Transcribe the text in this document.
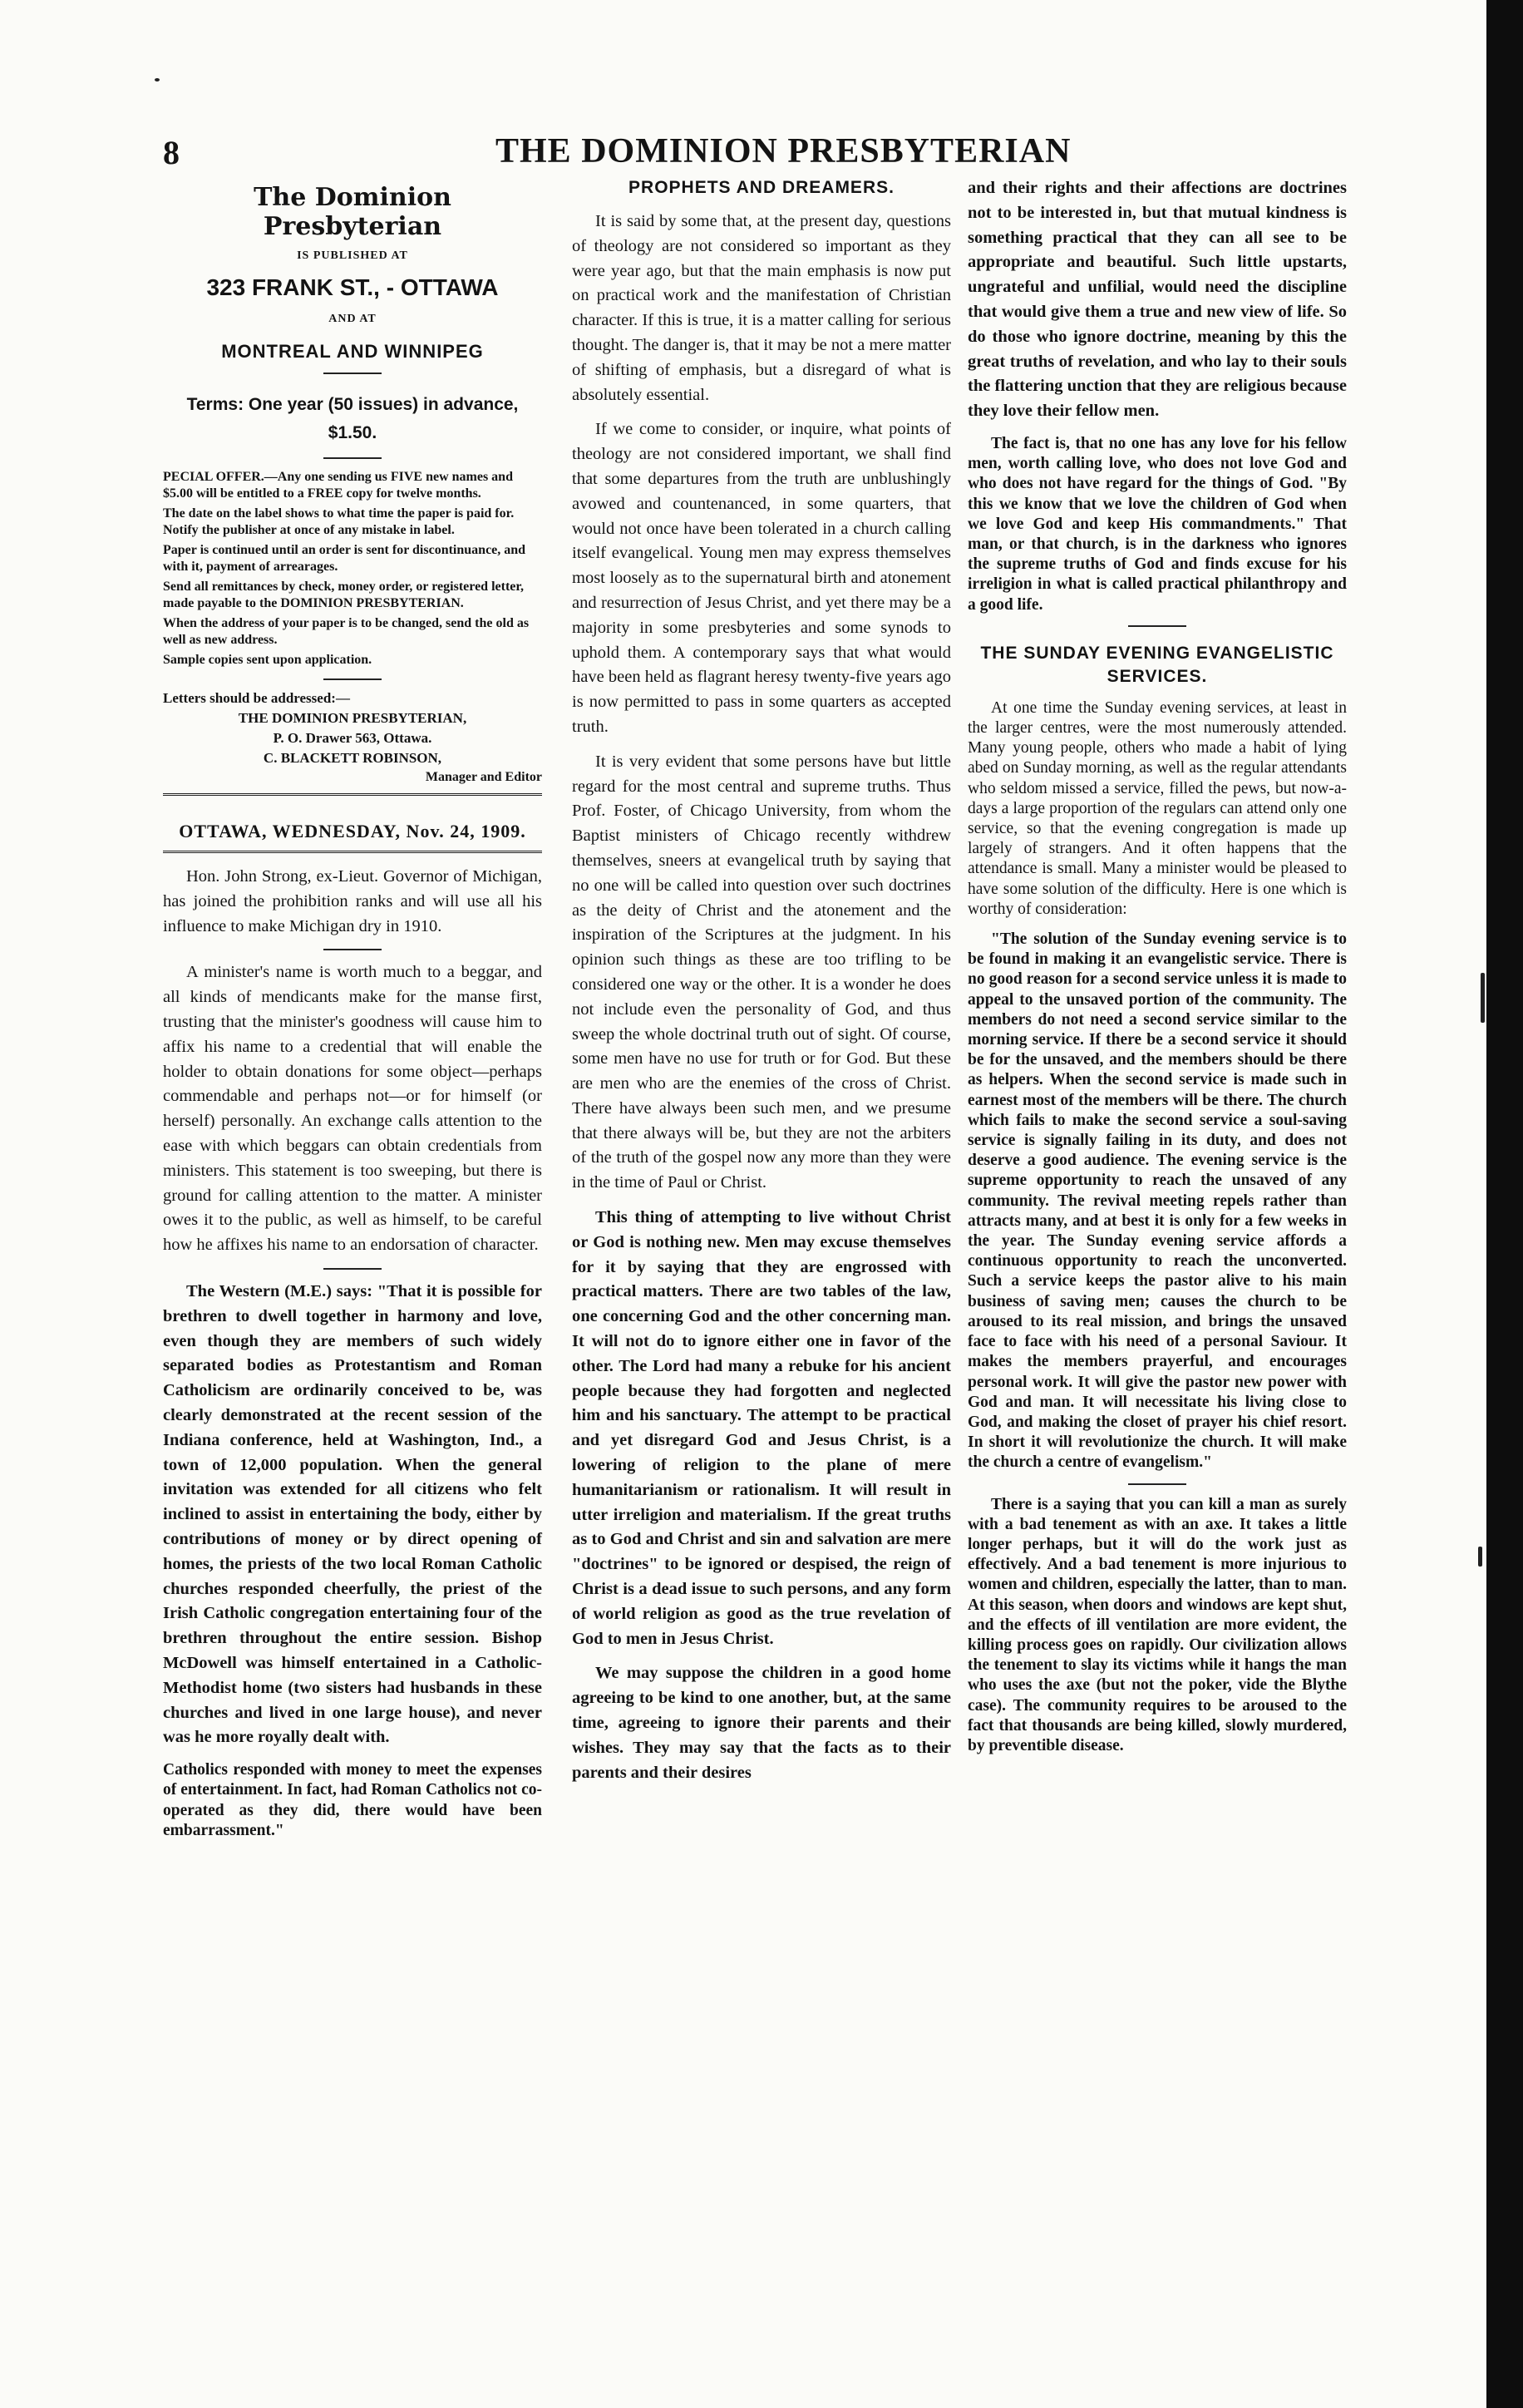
8	THE DOMINION PRESBYTERIAN
The Dominion Presbyterian
IS PUBLISHED AT
323 FRANK ST., - OTTAWA
AND AT
MONTREAL AND WINNIPEG
Terms: One year (50 issues) in advance, $1.50.

PECIAL OFFER.—Any one sending us FIVE new names and $5.00 will be entitled to a FREE copy for twelve months.

The date on the label shows to what time the paper is paid for. Notify the publisher at once of any mistake in label.

Paper is continued until an order is sent for discontinuance, and with it, payment of arrearages.

Send all remittances by check, money order, or registered letter, made payable to the DOMINION PRESBYTERIAN.

When the address of your paper is to be changed, send the old as well as new address.

Sample copies sent upon application.

Letters should be addressed:—
THE DOMINION PRESBYTERIAN,
P. O. Drawer 563, Ottawa.
C. BLACKETT ROBINSON,
Manager and Editor
OTTAWA, WEDNESDAY, Nov. 24, 1909.

Hon. John Strong, ex-Lieut. Governor of Michigan, has joined the prohibition ranks and will use all his influence to make Michigan dry in 1910.

A minister's name is worth much to a beggar, and all kinds of mendicants make for the manse first, trusting that the minister's goodness will cause him to affix his name to a credential that will enable the holder to obtain donations for some object—perhaps commendable and perhaps not—or for himself (or herself) personally. An exchange calls attention to the ease with which beggars can obtain credentials from ministers. This statement is too sweeping, but there is ground for calling attention to the matter. A minister owes it to the public, as well as himself, to be careful how he affixes his name to an endorsation of character.

The Western (M.E.) says: "That it is possible for brethren to dwell together in harmony and love, even though they are members of such widely separated bodies as Protestantism and Roman Catholicism are ordinarily conceived to be, was clearly demonstrated at the recent session of the Indiana conference, held at Washington, Ind., a town of 12,000 population. When the general invitation was extended for all citizens who felt inclined to assist in entertaining the body, either by contributions of money or by direct opening of homes, the priests of the two local Roman Catholic churches responded cheerfully, the priest of the Irish Catholic congregation entertaining four of the brethren throughout the entire session. Bishop McDowell was himself entertained in a Catholic-Methodist home (two sisters had husbands in these churches and lived in one large house), and never was he more royally dealt with.

Catholics responded with money to meet the expenses of entertainment. In fact, had Roman Catholics not co-operated as they did, there would have been embarrassment."

PROPHETS AND DREAMERS.

It is said by some that, at the present day, questions of theology are not considered so important as they were year ago, but that the main emphasis is now put on practical work and the manifestation of Christian character. If this is true, it is a matter calling for serious thought. The danger is, that it may be not a mere matter of shifting of emphasis, but a disregard of what is absolutely essential.

If we come to consider, or inquire, what points of theology are not considered important, we shall find that some departures from the truth are unblushingly avowed and countenanced, in some quarters, that would not once have been tolerated in a church calling itself evangelical. Young men may express themselves most loosely as to the supernatural birth and atonement and resurrection of Jesus Christ, and yet there may be a majority in some presbyteries and some synods to uphold them. A contemporary says that what would have been held as flagrant heresy twenty-five years ago is now permitted to pass in some quarters as accepted truth.

It is very evident that some persons have but little regard for the most central and supreme truths. Thus Prof. Foster, of Chicago University, from whom the Baptist ministers of Chicago recently withdrew themselves, sneers at evangelical truth by saying that no one will be called into question over such doctrines as the deity of Christ and the atonement and the inspiration of the Scriptures at the judgment. In his opinion such things as these are too trifling to be considered one way or the other. It is a wonder he does not include even the personality of God, and thus sweep the whole doctrinal truth out of sight. Of course, some men have no use for truth or for God. But these are men who are the enemies of the cross of Christ. There have always been such men, and we presume that there always will be, but they are not the arbiters of the truth of the gospel now any more than they were in the time of Paul or Christ.

This thing of attempting to live without Christ or God is nothing new. Men may excuse themselves for it by saying that they are engrossed with practical matters. There are two tables of the law, one concerning God and the other concerning man. It will not do to ignore either one in favor of the other. The Lord had many a rebuke for his ancient people because they had forgotten and neglected him and his sanctuary. The attempt to be practical and yet disregard God and Jesus Christ, is a lowering of religion to the plane of mere humanitarianism or rationalism. It will result in utter irreligion and materialism. If the great truths as to God and Christ and sin and salvation are mere "doctrines" to be ignored or despised, the reign of Christ is a dead issue to such persons, and any form of world religion as good as the true revelation of God to men in Jesus Christ.

We may suppose the children in a good home agreeing to be kind to one another, but, at the same time, agreeing to ignore their parents and their wishes. They may say that the facts as to their parents and their desires

and their rights and their affections are doctrines not to be interested in, but that mutual kindness is something practical that they can all see to be appropriate and beautiful. Such little upstarts, ungrateful and unfilial, would need the discipline that would give them a true and new view of life. So do those who ignore doctrine, meaning by this the great truths of revelation, and who lay to their souls the flattering unction that they are religious because they love their fellow men.

The fact is, that no one has any love for his fellow men, worth calling love, who does not love God and who does not have regard for the things of God. "By this we know that we love the children of God when we love God and keep His commandments." That man, or that church, is in the darkness who ignores the supreme truths of God and finds excuse for his irreligion in what is called practical philanthropy and a good life.

THE SUNDAY EVENING EVANGELISTIC SERVICES.

At one time the Sunday evening services, at least in the larger centres, were the most numerously attended. Many young people, others who made a habit of lying abed on Sunday morning, as well as the regular attendants who seldom missed a service, filled the pews, but now-a-days a large proportion of the regulars can attend only one service, so that the evening congregation is made up largely of strangers. And it often happens that the attendance is small. Many a minister would be pleased to have some solution of the difficulty. Here is one which is worthy of consideration:

"The solution of the Sunday evening service is to be found in making it an evangelistic service. There is no good reason for a second service unless it is made to appeal to the unsaved portion of the community. The members do not need a second service similar to the morning service. If there be a second service it should be for the unsaved, and the members should be there as helpers. When the second service is made such in earnest most of the members will be there. The church which fails to make the second service a soul-saving service is signally failing in its duty, and does not deserve a good audience. The evening service is the supreme opportunity to reach the unsaved of any community. The revival meeting repels rather than attracts many, and at best it is only for a few weeks in the year. The Sunday evening service affords a continuous opportunity to reach the unconverted. Such a service keeps the pastor alive to his main business of saving men; causes the church to be aroused to its real mission, and brings the unsaved face to face with his need of a personal Saviour. It makes the members prayerful, and encourages personal work. It will give the pastor new power with God and man. It will necessitate his living close to God, and making the closet of prayer his chief resort. In short it will revolutionize the church. It will make the church a centre of evangelism."

There is a saying that you can kill a man as surely with a bad tenement as with an axe. It takes a little longer perhaps, but it will do the work just as effectively. And a bad tenement is more injurious to women and children, especially the latter, than to man. At this season, when doors and windows are kept shut, and the effects of ill ventilation are more evident, the killing process goes on rapidly. Our civilization allows the tenement to slay its victims while it hangs the man who uses the axe (but not the poker, vide the Blythe case). The community requires to be aroused to the fact that thousands are being killed, slowly murdered, by preventible disease.
